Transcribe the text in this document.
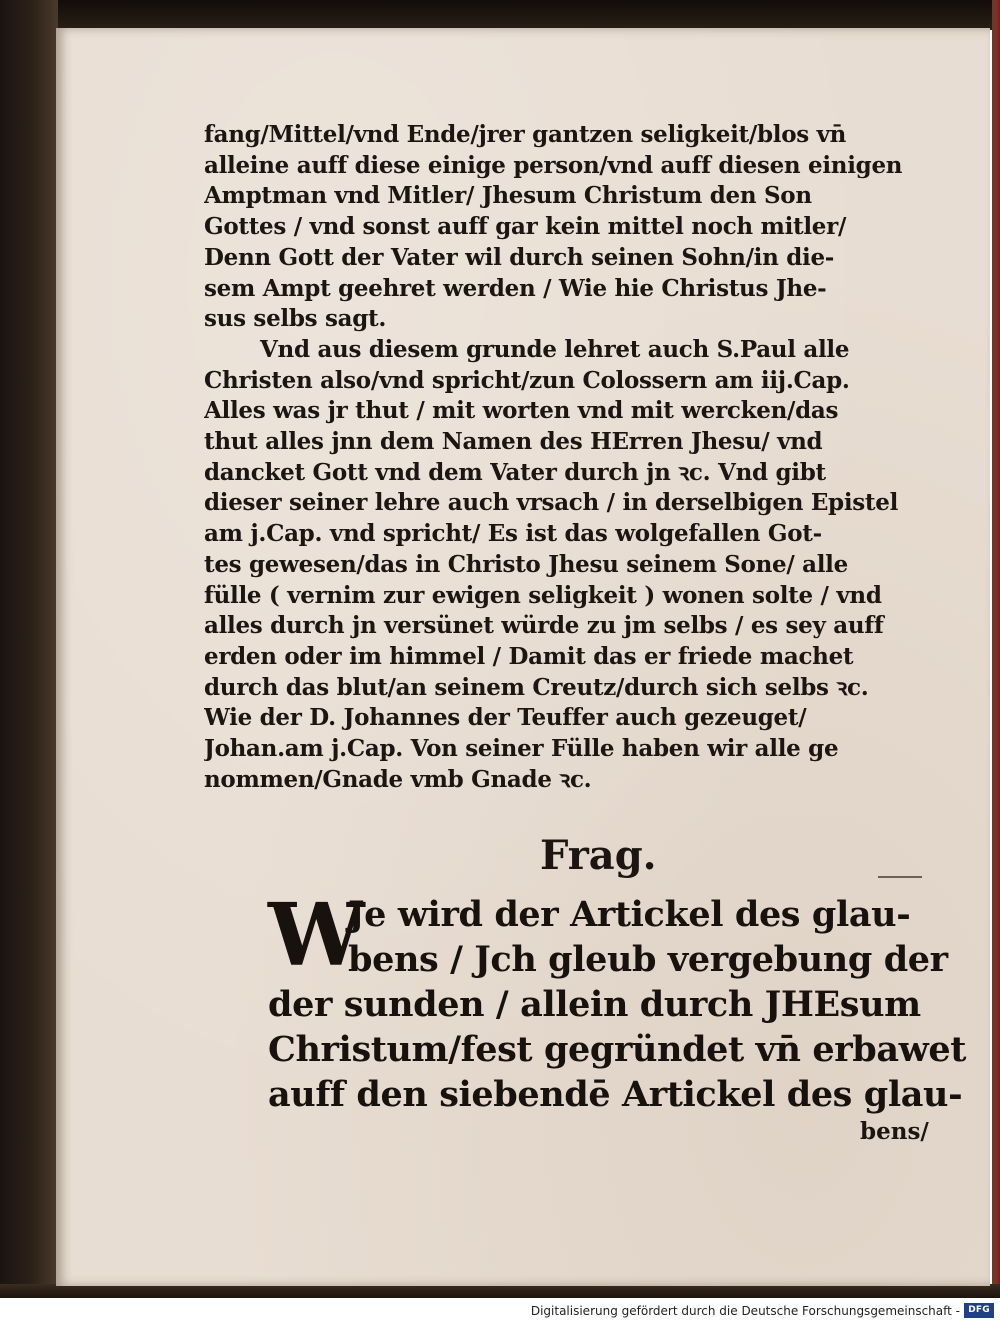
fang/Mittel/vnd Ende/jrer gantzen seligkeit/blos vn̄
alleine auff diese einige person/vnd auff diesen einigen
Amptman vnd Mitler/ Jhesum Christum den Son
Gottes / vnd sonst auff gar kein mittel noch mitler/
Denn Gott der Vater wil durch seinen Sohn/in die-
sem Ampt geehret werden / Wie hie Christus Jhe-
sus selbs sagt.
Vnd aus diesem grunde lehret auch S.Paul alle
Christen also/vnd spricht/zun Colossern am iij.Cap.
Alles was jr thut / mit worten vnd mit wercken/das
thut alles jnn dem Namen des HErren Jhesu/ vnd
dancket Gott vnd dem Vater durch jn ꝛc. Vnd gibt
dieser seiner lehre auch vrsach / in derselbigen Epistel
am j.Cap. vnd spricht/ Es ist das wolgefallen Got-
tes gewesen/das in Christo Jhesu seinem Sone/ alle
fülle ( vernim zur ewigen seligkeit ) wonen solte / vnd
alles durch jn versünet würde zu jm selbs / es sey auff
erden oder im himmel / Damit das er friede machet
durch das blut/an seinem Creutz/durch sich selbs ꝛc.
Wie der D. Johannes der Teuffer auch gezeuget/
Johan.am j.Cap. Von seiner Fülle haben wir alle ge
nommen/Gnade vmb Gnade ꝛc.
Frag.
W
Je wird der Artickel des glau-
bens / Jch gleub vergebung der
der sunden / allein durch JHEsum
Christum/fest gegründet vn̄ erbawet
auff den siebendē Artickel des glau-
bens/
Digitalisierung gefördert durch die Deutsche Forschungsgemeinschaft - DFG
